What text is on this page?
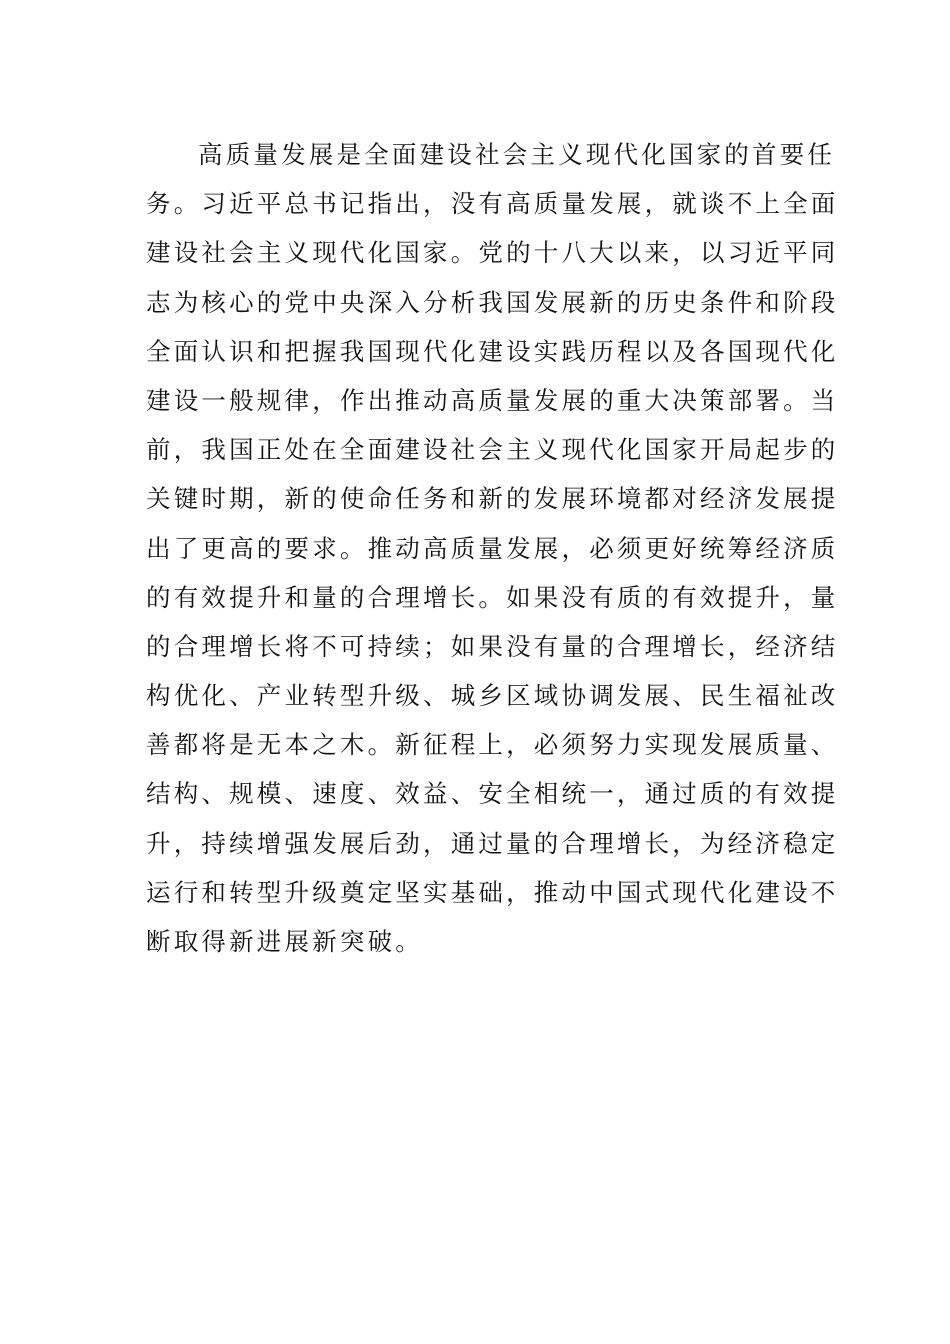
高质量发展是全面建设社会主义现代化国家的首要任
务。习近平总书记指出，没有高质量发展，就谈不上全面
建设社会主义现代化国家。党的十八大以来，以习近平同
志为核心的党中央深入分析我国发展新的历史条件和阶段
全面认识和把握我国现代化建设实践历程以及各国现代化
建设一般规律，作出推动高质量发展的重大决策部署。当
前，我国正处在全面建设社会主义现代化国家开局起步的
关键时期，新的使命任务和新的发展环境都对经济发展提
出了更高的要求。推动高质量发展，必须更好统筹经济质
的有效提升和量的合理增长。如果没有质的有效提升，量
的合理增长将不可持续；如果没有量的合理增长，经济结
构优化、产业转型升级、城乡区域协调发展、民生福祉改
善都将是无本之木。新征程上，必须努力实现发展质量、
结构、规模、速度、效益、安全相统一，通过质的有效提
升，持续增强发展后劲，通过量的合理增长，为经济稳定
运行和转型升级奠定坚实基础，推动中国式现代化建设不
断取得新进展新突破。
